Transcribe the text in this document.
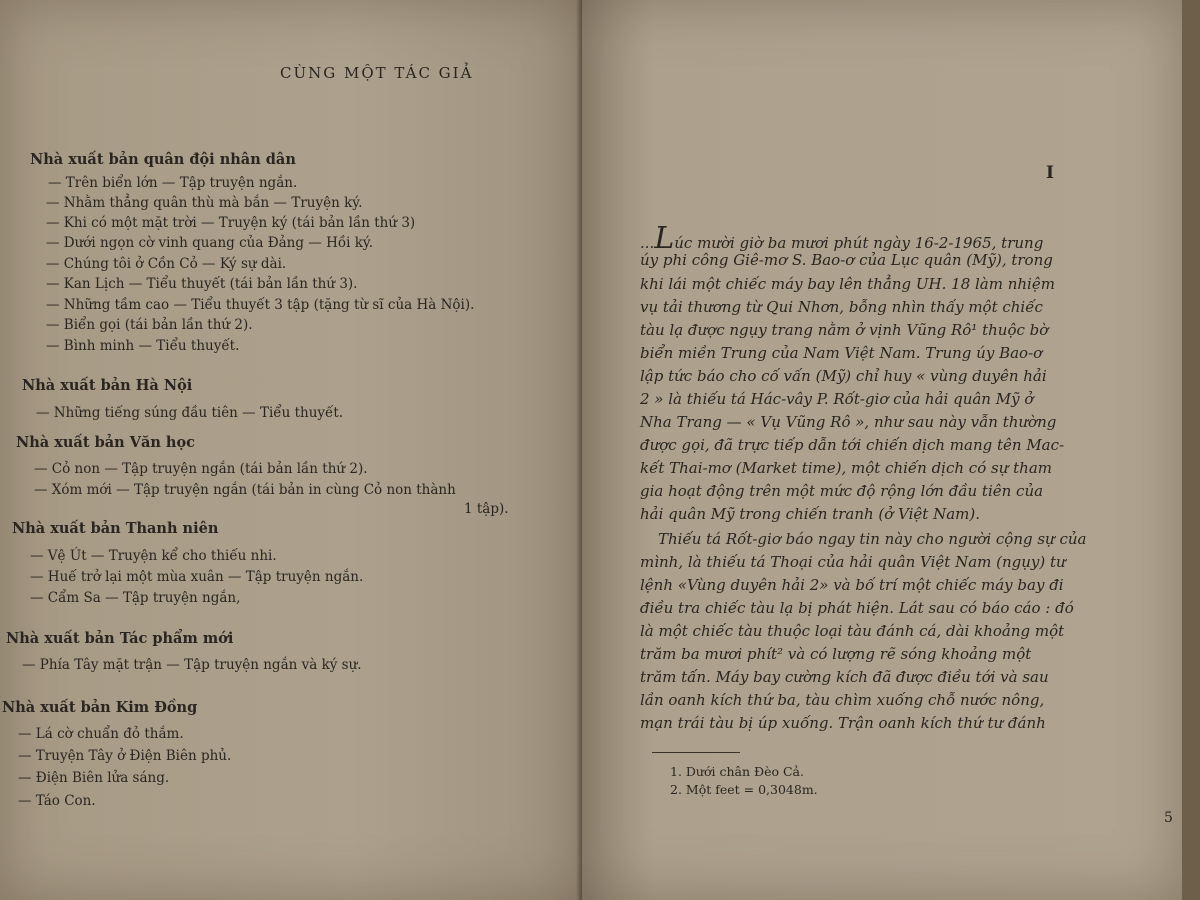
CÙNG MỘT TÁC GIẢ
Nhà xuất bản quân đội nhân dân
— Trên biển lớn — Tập truyện ngắn.
— Nhằm thẳng quân thù mà bắn — Truyện ký.
— Khi có một mặt trời — Truyện ký (tái bản lần thứ 3)
— Dưới ngọn cờ vinh quang của Đảng — Hồi ký.
— Chúng tôi ở Cồn Cỏ — Ký sự dài.
— Kan Lịch — Tiểu thuyết (tái bản lần thứ 3).
— Những tầm cao — Tiểu thuyết 3 tập (tặng từ sĩ của Hà Nội).
— Biển gọi (tái bản lần thứ 2).
— Bình minh — Tiểu thuyết.
Nhà xuất bản Hà Nội
— Những tiếng súng đầu tiên — Tiểu thuyết.
Nhà xuất bản Văn học
— Cỏ non — Tập truyện ngắn (tái bản lần thứ 2).
— Xóm mới — Tập truyện ngắn (tái bản in cùng Cỏ non thành
1 tập).
Nhà xuất bản Thanh niên
— Vệ Út — Truyện kể cho thiếu nhi.
— Huế trở lại một mùa xuân — Tập truyện ngắn.
— Cẩm Sa — Tập truyện ngắn,
Nhà xuất bản Tác phẩm mới
— Phía Tây mặt trận — Tập truyện ngắn và ký sự.
Nhà xuất bản Kim Đồng
— Lá cờ chuẩn đỏ thắm.
— Truyện Tây ở Điện Biên phủ.
— Điện Biên lửa sáng.
— Táo Con.
I
...Lúc mười giờ ba mươi phút ngày 16-2-1965, trung
úy phi công Giê-mơ S. Bao-ơ của Lục quân (Mỹ), trong
khi lái một chiếc máy bay lên thẳng UH. 18 làm nhiệm
vụ tải thương từ Qui Nhơn, bỗng nhìn thấy một chiếc
tàu lạ được ngụy trang nằm ở vịnh Vũng Rô¹ thuộc bờ
biển miền Trung của Nam Việt Nam. Trung úy Bao-ơ
lập tức báo cho cố vấn (Mỹ) chỉ huy « vùng duyên hải
2 » là thiếu tá Hác-vây P. Rốt-giơ của hải quân Mỹ ở
Nha Trang — « Vụ Vũng Rô », như sau này vẫn thường
được gọi, đã trực tiếp dẫn tới chiến dịch mang tên Mac-
kết Thai-mơ (Market time), một chiến dịch có sự tham
gia hoạt động trên một mức độ rộng lớn đầu tiên của
hải quân Mỹ trong chiến tranh (ở Việt Nam).
Thiếu tá Rốt-giơ báo ngay tin này cho người cộng sự của
mình, là thiếu tá Thoại của hải quân Việt Nam (ngụy) tư
lệnh «Vùng duyên hải 2» và bố trí một chiếc máy bay đi
điều tra chiếc tàu lạ bị phát hiện. Lát sau có báo cáo : đó
là một chiếc tàu thuộc loại tàu đánh cá, dài khoảng một
trăm ba mươi phít² và có lượng rẽ sóng khoảng một
trăm tấn. Máy bay cường kích đã được điều tới và sau
lần oanh kích thứ ba, tàu chìm xuống chỗ nước nông,
mạn trái tàu bị úp xuống. Trận oanh kích thứ tư đánh
1. Dưới chân Đèo Cả.
2. Một feet = 0,3048m.
5
